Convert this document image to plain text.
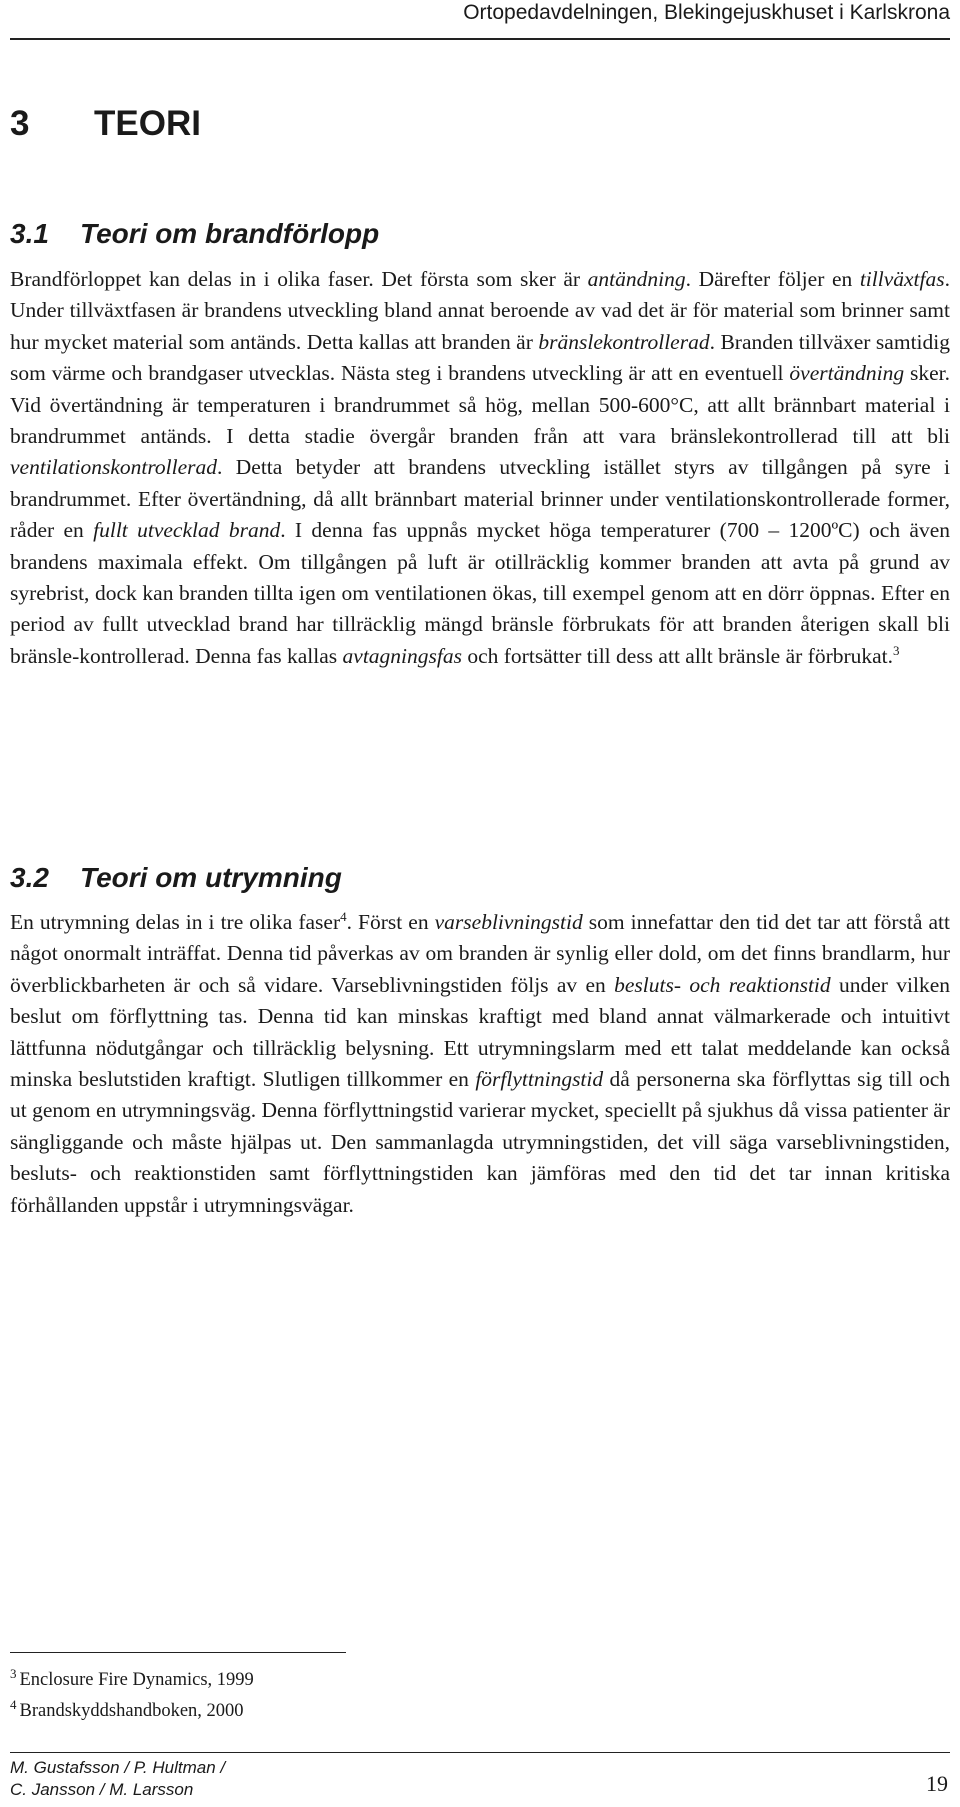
Ortopedavdelningen, Blekingejuskhuset i Karlskrona
3 TEORI
3.1 Teori om brandförlopp

Brandförloppet kan delas in i olika faser. Det första som sker är antändning. Därefter följer en tillväxtfas. Under tillväxtfasen är brandens utveckling bland annat beroende av vad det är för material som brinner samt hur mycket material som antänds. Detta kallas att branden är bränslekontrollerad. Branden tillväxer samtidig som värme och brandgaser utvecklas. Nästa steg i brandens utveckling är att en eventuell övertändning sker. Vid övertändning är temperaturen i brandrummet så hög, mellan 500-600°C, att allt brännbart material i brandrummet antänds. I detta stadie övergår branden från att vara bränslekontrollerad till att bli ventilationskontrollerad. Detta betyder att brandens utveckling istället styrs av tillgången på syre i brandrummet. Efter övertändning, då allt brännbart material brinner under ventilationskontrollerade former, råder en fullt utvecklad brand. I denna fas uppnås mycket höga temperaturer (700 – 1200ºC) och även brandens maximala effekt. Om tillgången på luft är otillräcklig kommer branden att avta på grund av syrebrist, dock kan branden tillta igen om ventilationen ökas, till exempel genom att en dörr öppnas. Efter en period av fullt utvecklad brand har tillräcklig mängd bränsle förbrukats för att branden återigen skall bli bränsle-kontrollerad. Denna fas kallas avtagningsfas och fortsätter till dess att allt bränsle är förbrukat.$^3$

3.2 Teori om utrymning

En utrymning delas in i tre olika faser$^4$. Först en varseblivningstid som innefattar den tid det tar att förstå att något onormalt inträffat. Denna tid påverkas av om branden är synlig eller dold, om det finns brandlarm, hur överblickbarheten är och så vidare. Varseblivningstiden följs av en besluts- och reaktionstid under vilken beslut om förflyttning tas. Denna tid kan minskas kraftigt med bland annat välmarkerade och intuitivt lättfunna nödutgångar och tillräcklig belysning. Ett utrymningslarm med ett talat meddelande kan också minska beslutstiden kraftigt. Slutligen tillkommer en förflyttningstid då personerna ska förflyttas sig till och ut genom en utrymningsväg. Denna förflyttningstid varierar mycket, speciellt på sjukhus då vissa patienter är sängliggande och måste hjälpas ut. Den sammanlagda utrymningstiden, det vill säga varseblivningstiden, besluts- och reaktionstiden samt förflyttningstiden kan jämföras med den tid det tar innan kritiska förhållanden uppstår i utrymningsvägar.

$^3$ Enclosure Fire Dynamics, 1999
$^4$ Brandskyddshandboken, 2000
M. Gustafsson / P. Hultman /
C. Jansson / M. Larsson	19
